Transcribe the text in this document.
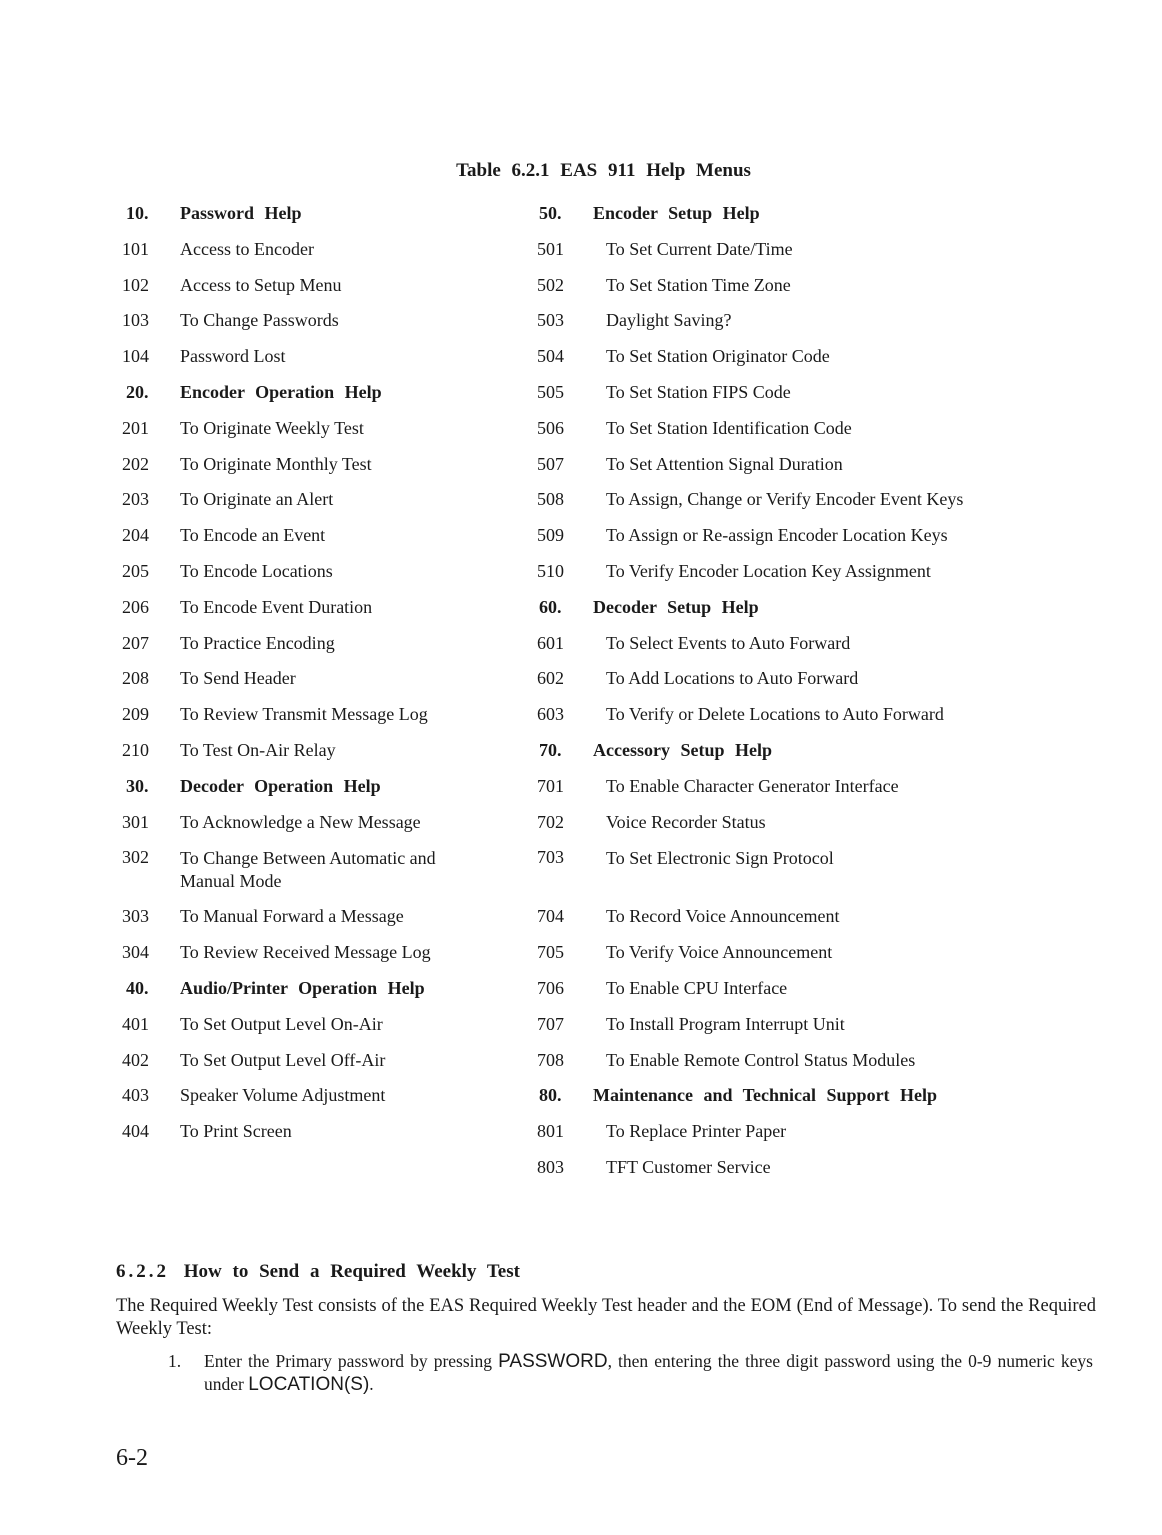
Table 6.2.1 EAS 911 Help Menus
10.	Password Help
101	Access to Encoder
102	Access to Setup Menu
103	To Change Passwords
104	Password Lost
20.	Encoder Operation Help
201	To Originate Weekly Test
202	To Originate Monthly Test
203	To Originate an Alert
204	To Encode an Event
205	To Encode Locations
206	To Encode Event Duration
207	To Practice Encoding
208	To Send Header
209	To Review Transmit Message Log
210	To Test On-Air Relay
30.	Decoder Operation Help
301	To Acknowledge a New Message
302	To Change Between Automatic and Manual Mode
303	To Manual Forward a Message
304	To Review Received Message Log
40.	Audio/Printer Operation Help
401	To Set Output Level On-Air
402	To Set Output Level Off-Air
403	Speaker Volume Adjustment
404	To Print Screen
50.	Encoder Setup Help
501	To Set Current Date/Time
502	To Set Station Time Zone
503	Daylight Saving?
504	To Set Station Originator Code
505	To Set Station FIPS Code
506	To Set Station Identification Code
507	To Set Attention Signal Duration
508	To Assign, Change or Verify Encoder Event Keys
509	To Assign or Re-assign Encoder Location Keys
510	To Verify Encoder Location Key Assignment
60.	Decoder Setup Help
601	To Select Events to Auto Forward
602	To Add Locations to Auto Forward
603	To Verify or Delete Locations to Auto Forward
70.	Accessory Setup Help
701	To Enable Character Generator Interface
702	Voice Recorder Status
703	To Set Electronic Sign Protocol
704	To Record Voice Announcement
705	To Verify Voice Announcement
706	To Enable CPU Interface
707	To Install Program Interrupt Unit
708	To Enable Remote Control Status Modules
80.	Maintenance and Technical Support Help
801	To Replace Printer Paper
803	TFT Customer Service
6.2.2 How to Send a Required Weekly Test
The Required Weekly Test consists of the EAS Required Weekly Test header and the EOM (End of Message). To send the Required Weekly Test:
1. Enter the Primary password by pressing PASSWORD, then entering the three digit password using the 0-9 numeric keys under LOCATION(S).
6-2
